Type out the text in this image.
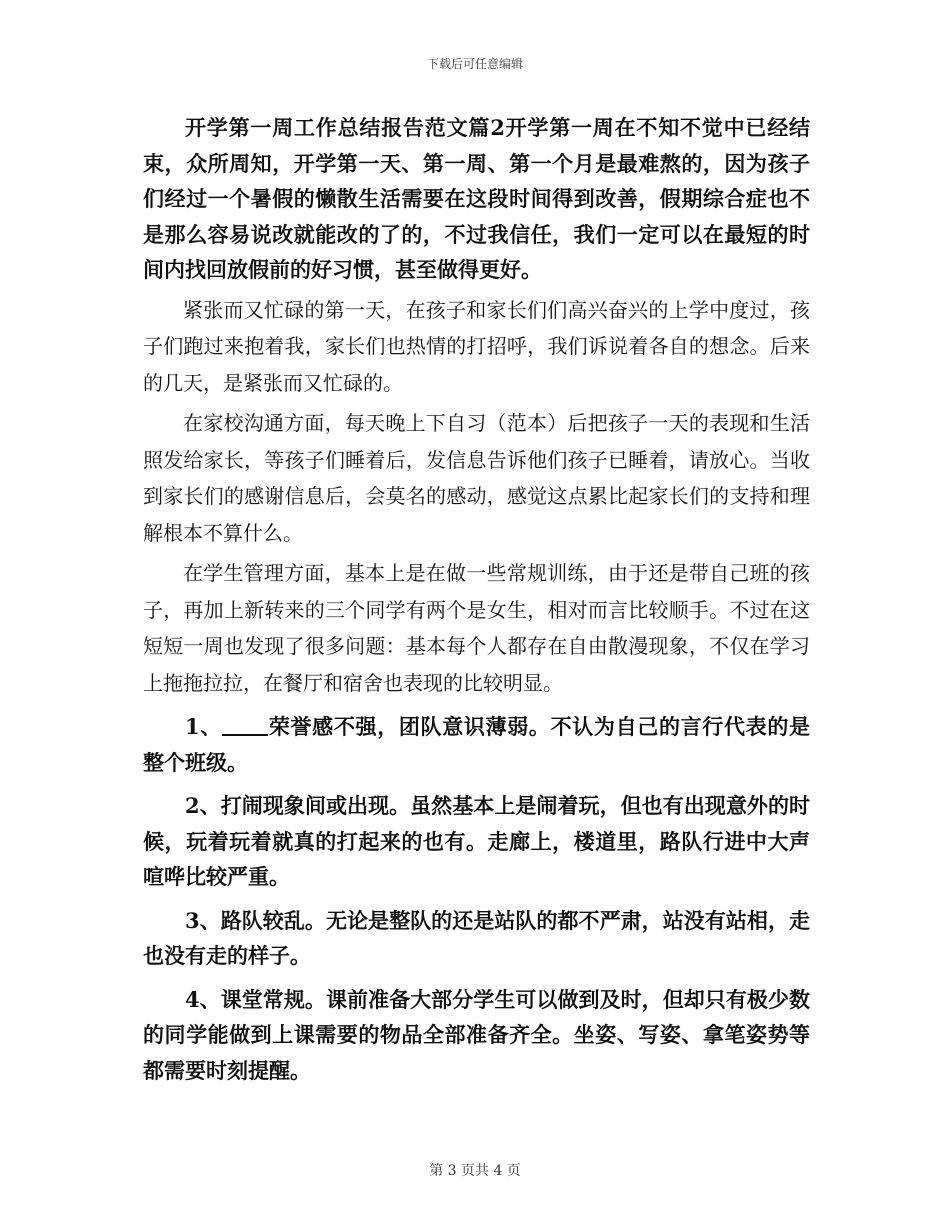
下载后可任意编辑

开学第一周工作总结报告范文篇2开学第一周在不知不觉中已经结束，众所周知，开学第一天、第一周、第一个月是最难熬的，因为孩子们经过一个暑假的懒散生活需要在这段时间得到改善，假期综合症也不是那么容易说改就能改的了的，不过我信任，我们一定可以在最短的时间内找回放假前的好习惯，甚至做得更好。

紧张而又忙碌的第一天，在孩子和家长们们高兴奋兴的上学中度过，孩子们跑过来抱着我，家长们也热情的打招呼，我们诉说着各自的想念。后来的几天，是紧张而又忙碌的。

在家校沟通方面，每天晚上下自习（范本）后把孩子一天的表现和生活照发给家长，等孩子们睡着后，发信息告诉他们孩子已睡着，请放心。当收到家长们的感谢信息后，会莫名的感动，感觉这点累比起家长们的支持和理解根本不算什么。

在学生管理方面，基本上是在做一些常规训练，由于还是带自己班的孩子，再加上新转来的三个同学有两个是女生，相对而言比较顺手。不过在这短短一周也发现了很多问题：基本每个人都存在自由散漫现象，不仅在学习上拖拖拉拉，在餐厅和宿舍也表现的比较明显。

1、 荣誉感不强，团队意识薄弱。不认为自己的言行代表的是整个班级。

2、打闹现象间或出现。虽然基本上是闹着玩，但也有出现意外的时候，玩着玩着就真的打起来的也有。走廊上，楼道里，路队行进中大声喧哗比较严重。

3、路队较乱。无论是整队的还是站队的都不严肃，站没有站相，走也没有走的样子。

4、课堂常规。课前准备大部分学生可以做到及时，但却只有极少数的同学能做到上课需要的物品全部准备齐全。坐姿、写姿、拿笔姿势等都需要时刻提醒。

第 3 页共 4 页
